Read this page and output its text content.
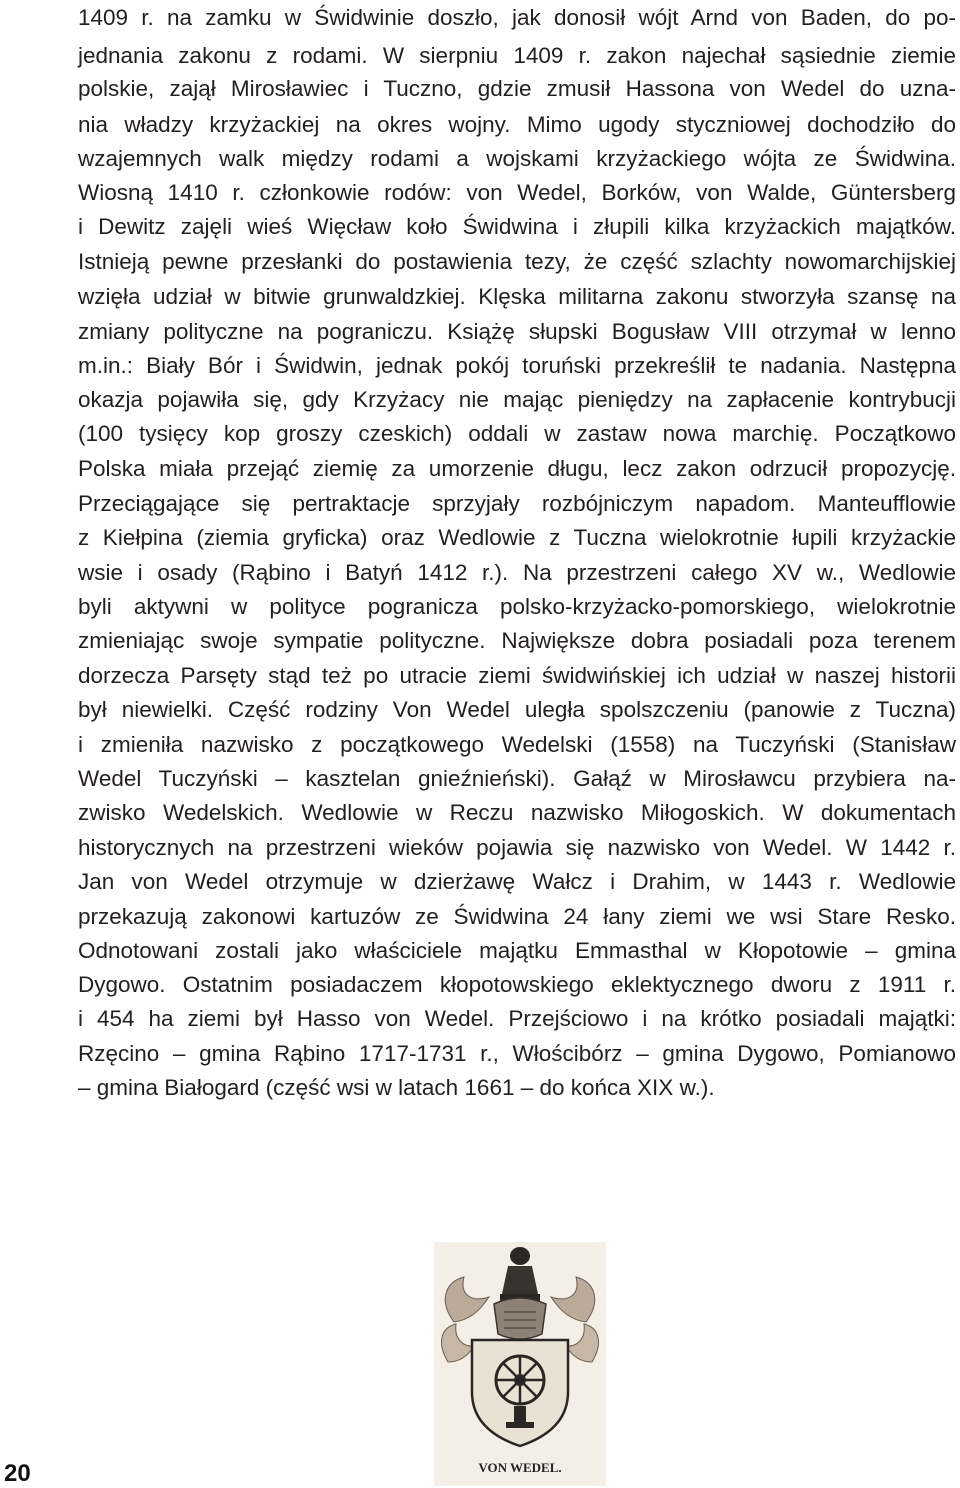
1409 r. na zamku w Świdwinie doszło, jak donosił wójt Arnd von Baden, do po-
jednania zakonu z rodami. W sierpniu 1409 r. zakon najechał sąsiednie ziemie
polskie, zajął Mirosławiec i Tuczno, gdzie zmusił Hassona von Wedel do uzna-
nia władzy krzyżackiej na okres wojny. Mimo ugody styczniowej dochodziło do
wzajemnych walk między rodami a wojskami krzyżackiego wójta ze Świdwina.
Wiosną 1410 r. członkowie rodów: von Wedel, Borków, von Walde, Güntersberg
i Dewitz zajęli wieś Więcław koło Świdwina i złupili kilka krzyżackich majątków.
Istnieją pewne przesłanki do postawienia tezy, że część szlachty nowomarchijskiej
wzięła udział w bitwie grunwaldzkiej. Klęska militarna zakonu stworzyła szansę na
zmiany polityczne na pograniczu. Książę słupski Bogusław VIII otrzymał w lenno
m.in.: Biały Bór i Świdwin, jednak pokój toruński przekreślił te nadania. Następna
okazja pojawiła się, gdy Krzyżacy nie mając pieniędzy na zapłacenie kontrybucji
(100 tysięcy kop groszy czeskich) oddali w zastaw nowa marchię. Początkowo
Polska miała przejąć ziemię za umorzenie długu, lecz zakon odrzucił propozycję.
Przeciągające się pertraktacje sprzyjały rozbójniczym napadom. Manteufflowie
z Kiełpina (ziemia gryficka) oraz Wedlowie z Tuczna wielokrotnie łupili krzyżackie
wsie i osady (Rąbino i Batyń 1412 r.). Na przestrzeni całego XV w., Wedlowie
byli aktywni w polityce pogranicza polsko-krzyżacko-pomorskiego, wielokrotnie
zmieniając swoje sympatie polityczne. Największe dobra posiadali poza terenem
dorzecza Parsęty stąd też po utracie ziemi świdwińskiej ich udział w naszej historii
był niewielki. Część rodziny Von Wedel uległa spolszczeniu (panowie z Tuczna)
i zmieniła nazwisko z początkowego Wedelski (1558) na Tuczyński (Stanisław
Wedel Tuczyński – kasztelan gnieźnieński). Gałąź w Mirosławcu przybiera na-
zwisko Wedelskich. Wedlowie w Reczu nazwisko Miłogoskich. W dokumentach
historycznych na przestrzeni wieków pojawia się nazwisko von Wedel. W 1442 r.
Jan von Wedel otrzymuje w dzierżawę Wałcz i Drahim, w 1443 r. Wedlowie
przekazują zakonowi kartuzów ze Świdwina 24 łany ziemi we wsi Stare Resko.
Odnotowani zostali jako właściciele majątku Emmasthal w Kłopotowie – gmina
Dygowo. Ostatnim posiadaczem kłopotowskiego eklektycznego dworu z 1911 r.
i 454 ha ziemi był Hasso von Wedel. Przejściowo i na krótko posiadali majątki:
Rzęcino – gmina Rąbino 1717-1731 r., Włościbórz – gmina Dygowo, Pomianowo
– gmina Białogard (część wsi w latach 1661 – do końca XIX w.).
VON WEDEL.
20
